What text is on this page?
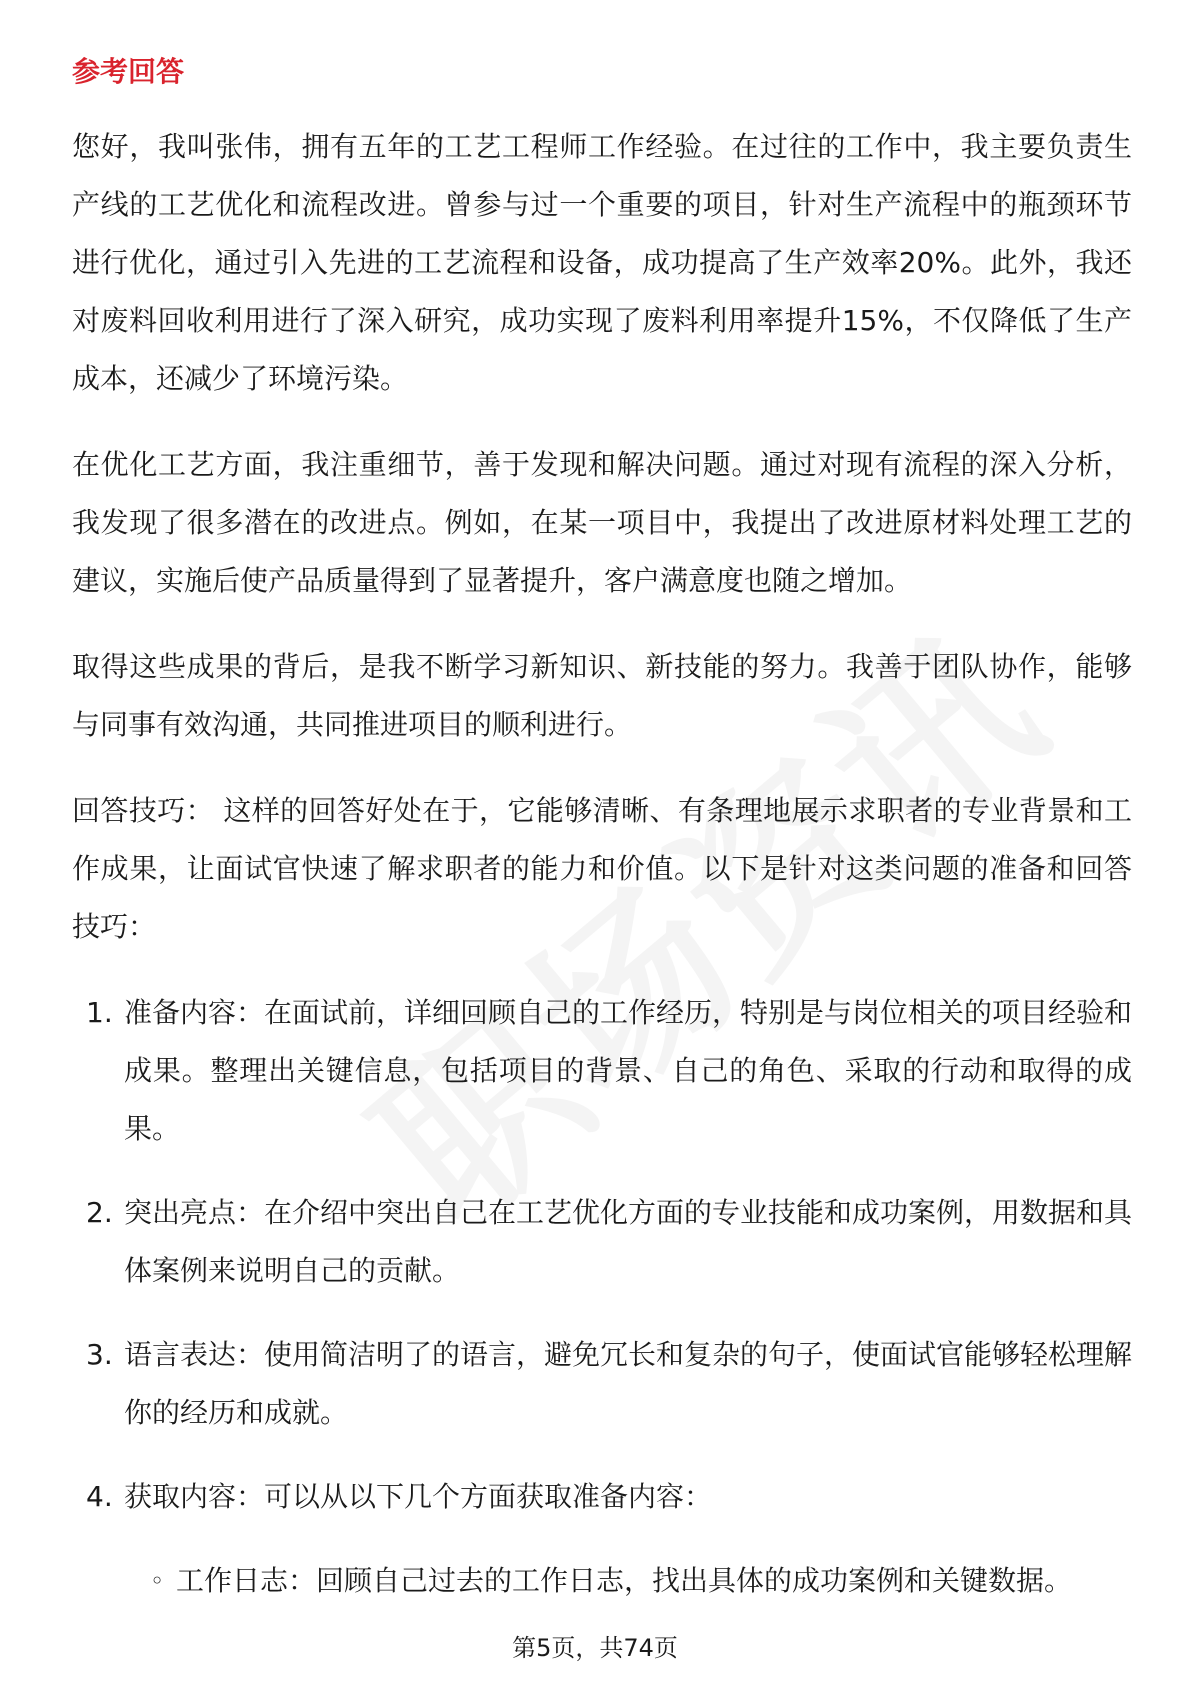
参考回答

您好，我叫张伟，拥有五年的工艺工程师工作经验。在过往的工作中，我主要负责生产线的工艺优化和流程改进。曾参与过一个重要的项目，针对生产流程中的瓶颈环节进行优化，通过引入先进的工艺流程和设备，成功提高了生产效率20%。此外，我还对废料回收利用进行了深入研究，成功实现了废料利用率提升15%，不仅降低了生产成本，还减少了环境污染。

在优化工艺方面，我注重细节，善于发现和解决问题。通过对现有流程的深入分析，我发现了很多潜在的改进点。例如，在某一项目中，我提出了改进原材料处理工艺的建议，实施后使产品质量得到了显著提升，客户满意度也随之增加。

取得这些成果的背后，是我不断学习新知识、新技能的努力。我善于团队协作，能够与同事有效沟通，共同推进项目的顺利进行。

回答技巧： 这样的回答好处在于，它能够清晰、有条理地展示求职者的专业背景和工作成果，让面试官快速了解求职者的能力和价值。以下是针对这类问题的准备和回答技巧：

1. 准备内容：在面试前，详细回顾自己的工作经历，特别是与岗位相关的项目经验和成果。整理出关键信息，包括项目的背景、自己的角色、采取的行动和取得的成果。
2. 突出亮点：在介绍中突出自己在工艺优化方面的专业技能和成功案例，用数据和具体案例来说明自己的贡献。
3. 语言表达：使用简洁明了的语言，避免冗长和复杂的句子，使面试官能够轻松理解你的经历和成就。
4. 获取内容：可以从以下几个方面获取准备内容：
◦ 工作日志：回顾自己过去的工作日志，找出具体的成功案例和关键数据。
第5页，共74页
